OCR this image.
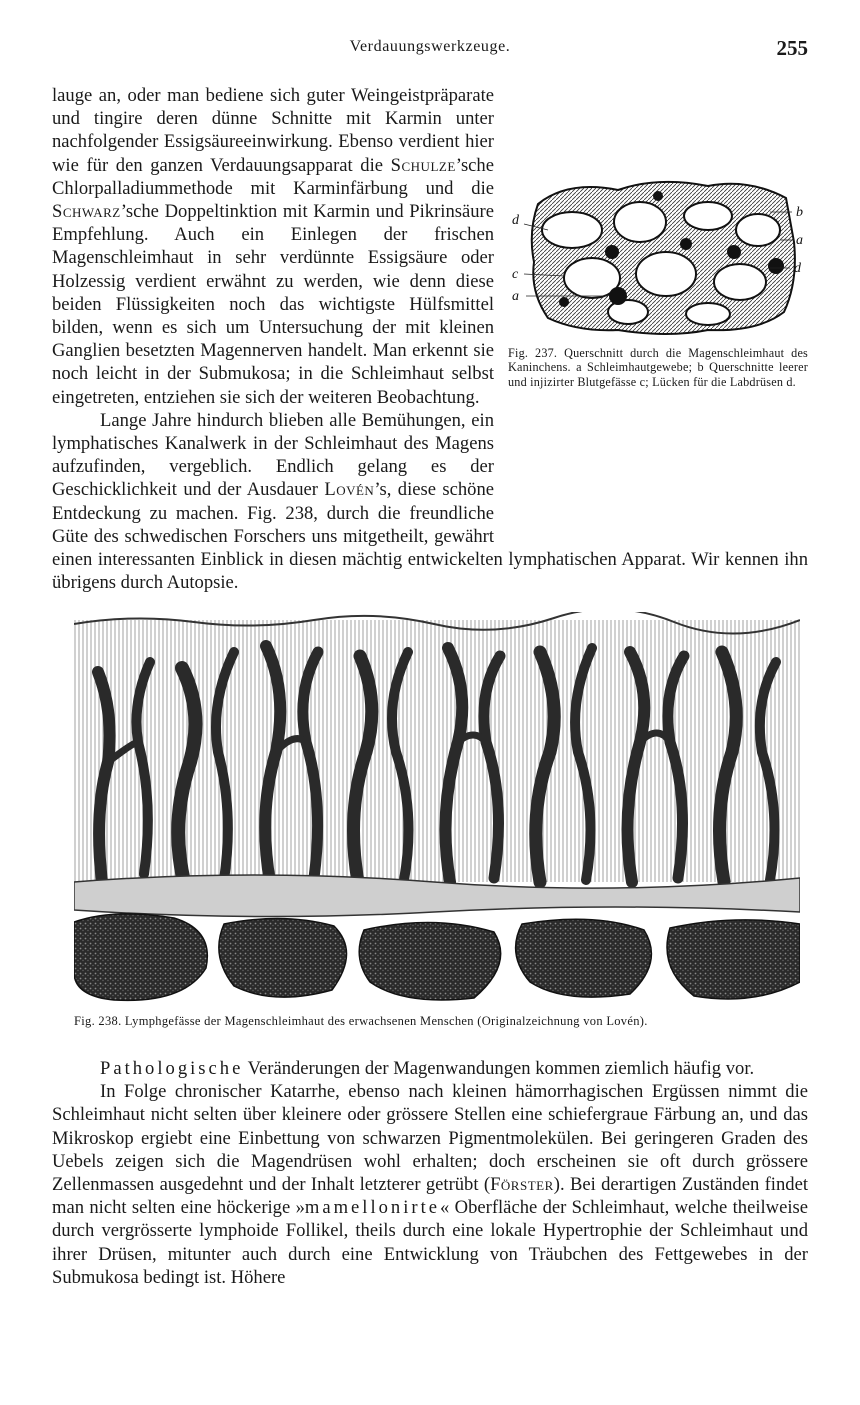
Verdauungswerkzeuge.	255
d
b
a
d
c
a
Fig. 237. Querschnitt durch die Magenschleimhaut des Kaninchens. a Schleimhautgewebe; b Querschnitte leerer und injizirter Blutgefässe c; Lücken für die Labdrüsen d.

lauge an, oder man bediene sich guter Weingeistpräparate und tingire deren dünne Schnitte mit Karmin unter nachfolgender Essigsäureeinwirkung. Ebenso verdient hier wie für den ganzen Verdauungsapparat die Schulze’sche Chlorpalladiummethode mit Karminfärbung und die Schwarz’sche Doppeltinktion mit Karmin und Pikrinsäure Empfehlung. Auch ein Einlegen der frischen Magenschleimhaut in sehr verdünnte Essigsäure oder Holzessig verdient erwähnt zu werden, wie denn diese beiden Flüssigkeiten noch das wichtigste Hülfsmittel bilden, wenn es sich um Untersuchung der mit kleinen Ganglien besetzten Magennerven handelt. Man erkennt sie noch leicht in der Submukosa; in die Schleimhaut selbst eingetreten, entziehen sie sich der weiteren Beobachtung.

Lange Jahre hindurch blieben alle Bemühungen, ein lymphatisches Kanalwerk in der Schleimhaut des Magens aufzufinden, vergeblich. Endlich gelang es der Geschicklichkeit und der Ausdauer Lovén’s, diese schöne Entdeckung zu machen. Fig. 238, durch die freundliche Güte des schwedischen Forschers uns mitgetheilt, gewährt einen interessanten Einblick in diesen mächtig entwickelten lymphatischen Apparat. Wir kennen ihn übrigens durch Autopsie.

Fig. 238. Lymphgefässe der Magenschleimhaut des erwachsenen Menschen (Originalzeichnung von Lovén).

Pathologische Veränderungen der Magenwandungen kommen ziemlich häufig vor.

In Folge chronischer Katarrhe, ebenso nach kleinen hämorrhagischen Ergüssen nimmt die Schleimhaut nicht selten über kleinere oder grössere Stellen eine schiefergraue Färbung an, und das Mikroskop ergiebt eine Einbettung von schwarzen Pigmentmolekülen. Bei geringeren Graden des Uebels zeigen sich die Magendrüsen wohl erhalten; doch erscheinen sie oft durch grössere Zellenmassen ausgedehnt und der Inhalt letzterer getrübt (Förster). Bei derartigen Zuständen findet man nicht selten eine höckerige »mamellonirte« Oberfläche der Schleimhaut, welche theilweise durch vergrösserte lymphoide Follikel, theils durch eine lokale Hypertrophie der Schleimhaut und ihrer Drüsen, mitunter auch durch eine Entwicklung von Träubchen des Fettgewebes in der Submukosa bedingt ist. Höhere
